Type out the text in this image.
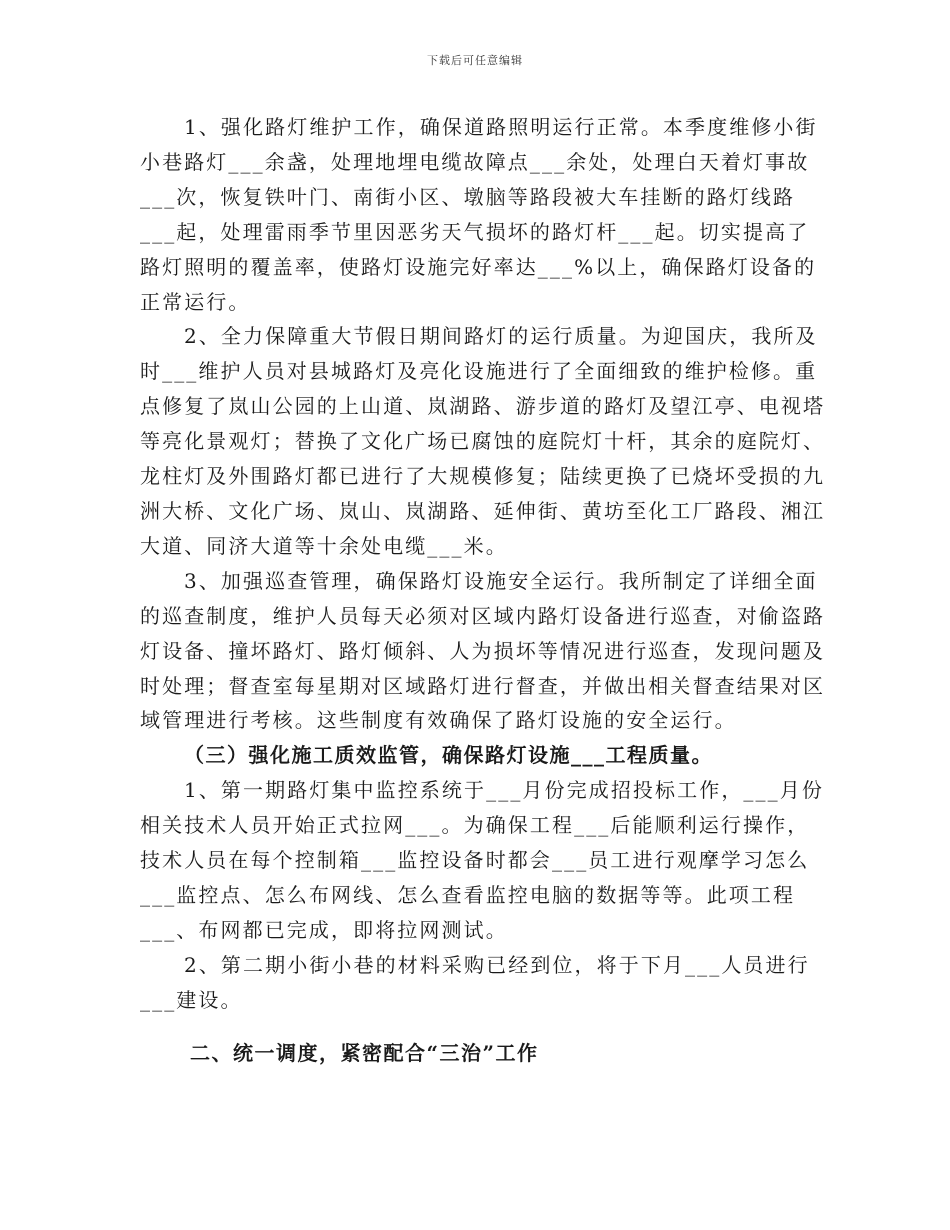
下载后可任意编辑

1、强化路灯维护工作，确保道路照明运行正常。本季度维修小街小巷路灯___余盏，处理地埋电缆故障点___余处，处理白天着灯事故___次，恢复铁叶门、南街小区、墩脑等路段被大车挂断的路灯线路___起，处理雷雨季节里因恶劣天气损坏的路灯杆___起。切实提高了路灯照明的覆盖率，使路灯设施完好率达___%以上，确保路灯设备的正常运行。

2、全力保障重大节假日期间路灯的运行质量。为迎国庆，我所及时___维护人员对县城路灯及亮化设施进行了全面细致的维护检修。重点修复了岚山公园的上山道、岚湖路、游步道的路灯及望江亭、电视塔等亮化景观灯；替换了文化广场已腐蚀的庭院灯十杆，其余的庭院灯、龙柱灯及外围路灯都已进行了大规模修复；陆续更换了已烧坏受损的九洲大桥、文化广场、岚山、岚湖路、延伸街、黄坊至化工厂路段、湘江大道、同济大道等十余处电缆___米。

3、加强巡查管理，确保路灯设施安全运行。我所制定了详细全面的巡查制度，维护人员每天必须对区域内路灯设备进行巡查，对偷盗路灯设备、撞坏路灯、路灯倾斜、人为损坏等情况进行巡查，发现问题及时处理；督查室每星期对区域路灯进行督查，并做出相关督查结果对区域管理进行考核。这些制度有效确保了路灯设施的安全运行。

（三）强化施工质效监管，确保路灯设施___工程质量。

1、第一期路灯集中监控系统于___月份完成招投标工作，___月份相关技术人员开始正式拉网___。为确保工程___后能顺利运行操作，技术人员在每个控制箱___监控设备时都会___员工进行观摩学习怎么___监控点、怎么布网线、怎么查看监控电脑的数据等等。此项工程___、布网都已完成，即将拉网测试。

2、第二期小街小巷的材料采购已经到位，将于下月___人员进行___建设。

二、统一调度，紧密配合“三治”工作
